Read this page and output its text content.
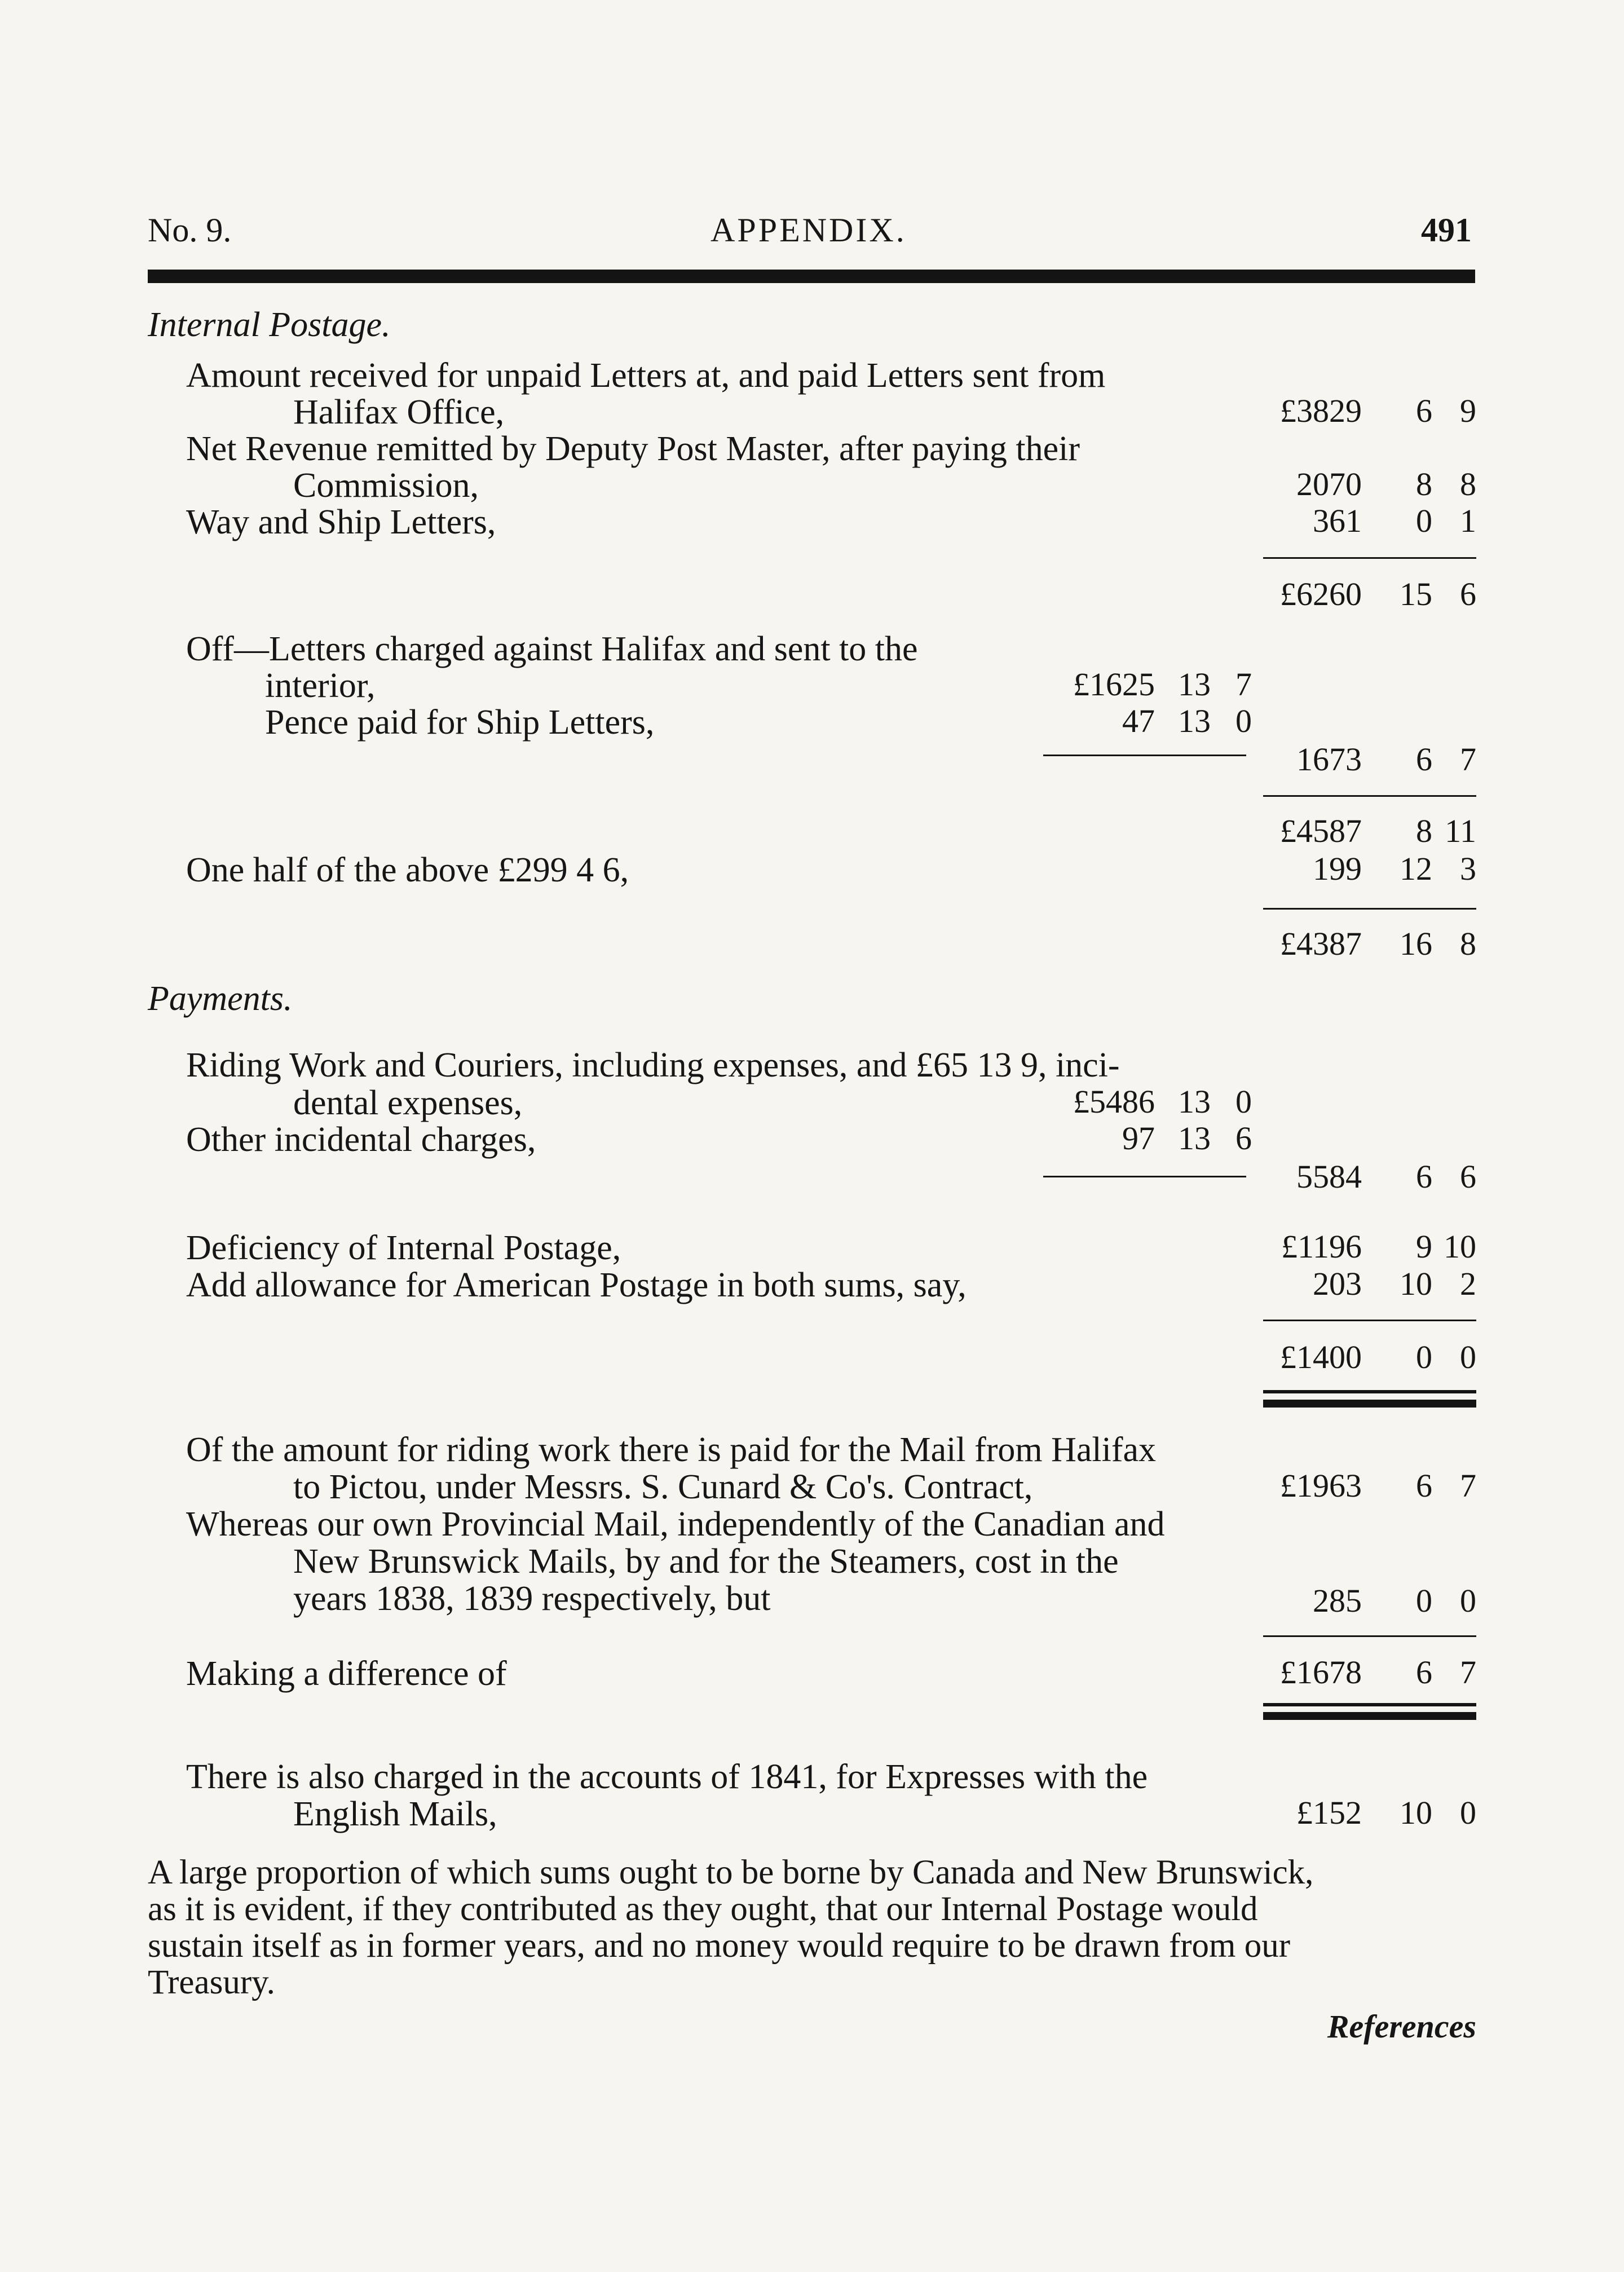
No. 9.	APPENDIX.	491
Internal Postage.
Amount received for unpaid Letters at, and paid Letters sent from
Halifax Office,	£3829 6 9
Net Revenue remitted by Deputy Post Master, after paying their
Commission,	2070 8 8
Way and Ship Letters,	361 0 1
£6260 15 6
Off—Letters charged against Halifax and sent to the
interior,	£1625 13 7
Pence paid for Ship Letters,	47 13 0
1673 6 7
£4587 8 11
One half of the above £299 4 6,	199 12 3
£4387 16 8
Payments.
Riding Work and Couriers, including expenses, and £65 13 9, inci-
dental expenses,	£5486 13 0
Other incidental charges,	97 13 6
5584 6 6
Deficiency of Internal Postage,	£1196 9 10
Add allowance for American Postage in both sums, say,	203 10 2
£1400 0 0
Of the amount for riding work there is paid for the Mail from Halifax
to Pictou, under Messrs. S. Cunard & Co's. Contract,	£1963 6 7
Whereas our own Provincial Mail, independently of the Canadian and
New Brunswick Mails, by and for the Steamers, cost in the
years 1838, 1839 respectively, but	285 0 0
Making a difference of	£1678 6 7
There is also charged in the accounts of 1841, for Expresses with the
English Mails,	£152 10 0
A large proportion of which sums ought to be borne by Canada and New Brunswick,
as it is evident, if they contributed as they ought, that our Internal Postage would
sustain itself as in former years, and no money would require to be drawn from our
Treasury.
References
